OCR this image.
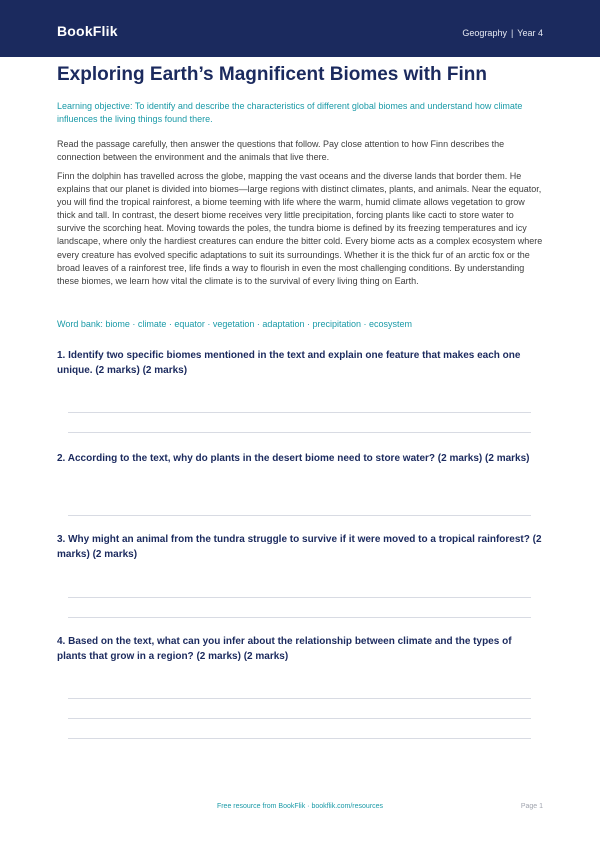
BookFlik	Geography | Year 4
Exploring Earth’s Magnificent Biomes with Finn

Learning objective: To identify and describe the characteristics of different global biomes and understand how climate influences the living things found there.

Read the passage carefully, then answer the questions that follow. Pay close attention to how Finn describes the connection between the environment and the animals that live there.

Finn the dolphin has travelled across the globe, mapping the vast oceans and the diverse lands that border them. He explains that our planet is divided into biomes—large regions with distinct climates, plants, and animals. Near the equator, you will find the tropical rainforest, a biome teeming with life where the warm, humid climate allows vegetation to grow thick and tall. In contrast, the desert biome receives very little precipitation, forcing plants like cacti to store water to survive the scorching heat. Moving towards the poles, the tundra biome is defined by its freezing temperatures and icy landscape, where only the hardiest creatures can endure the bitter cold. Every biome acts as a complex ecosystem where every creature has evolved specific adaptations to suit its surroundings. Whether it is the thick fur of an arctic fox or the broad leaves of a rainforest tree, life finds a way to flourish in even the most challenging conditions. By understanding these biomes, we learn how vital the climate is to the survival of every living thing on Earth.

Word bank: biome · climate · equator · vegetation · adaptation · precipitation · ecosystem

1. Identify two specific biomes mentioned in the text and explain one feature that makes each one unique. (2 marks) (2 marks)

2. According to the text, why do plants in the desert biome need to store water? (2 marks) (2 marks)

3. Why might an animal from the tundra struggle to survive if it were moved to a tropical rainforest? (2 marks) (2 marks)

4. Based on the text, what can you infer about the relationship between climate and the types of plants that grow in a region? (2 marks) (2 marks)

Free resource from BookFlik · bookflik.com/resources	Page 1
